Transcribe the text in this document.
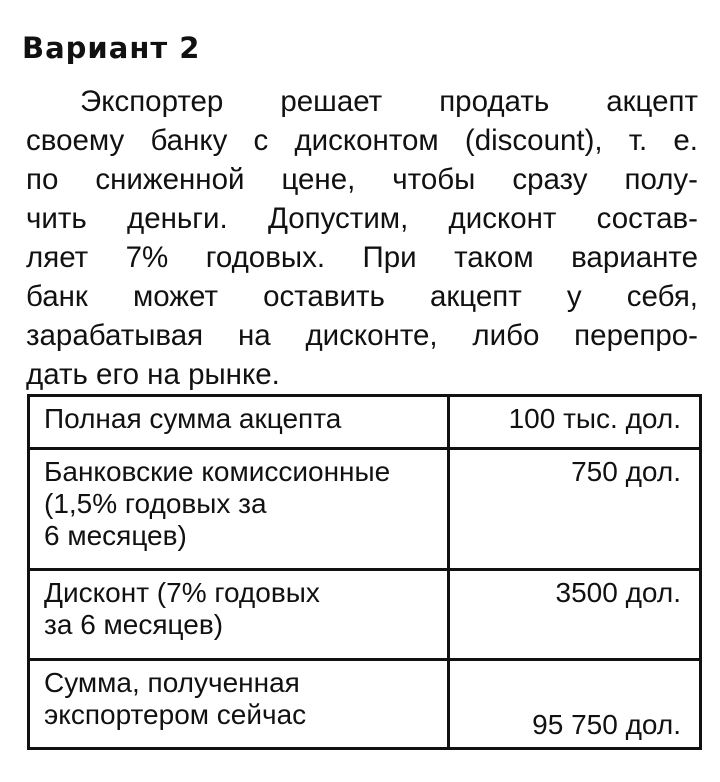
Вариант 2
Экспортер решает продать акцепт
своему банку с дисконтом (discount), т. е.
по сниженной цене, чтобы сразу полу-
чить деньги. Допустим, дисконт состав-
ляет 7% годовых. При таком варианте
банк может оставить акцепт у себя,
зарабатывая на дисконте, либо перепро-
дать его на рынке.
Полная сумма акцепта	100 тыс. дол.

Банковские комиссионные
(1,5% годовых за
6 месяцев)	750 дол.

Дисконт (7% годовых
за 6 месяцев)	3500 дол.

Сумма, полученная
экспортером сейчас	95 750 дол.
